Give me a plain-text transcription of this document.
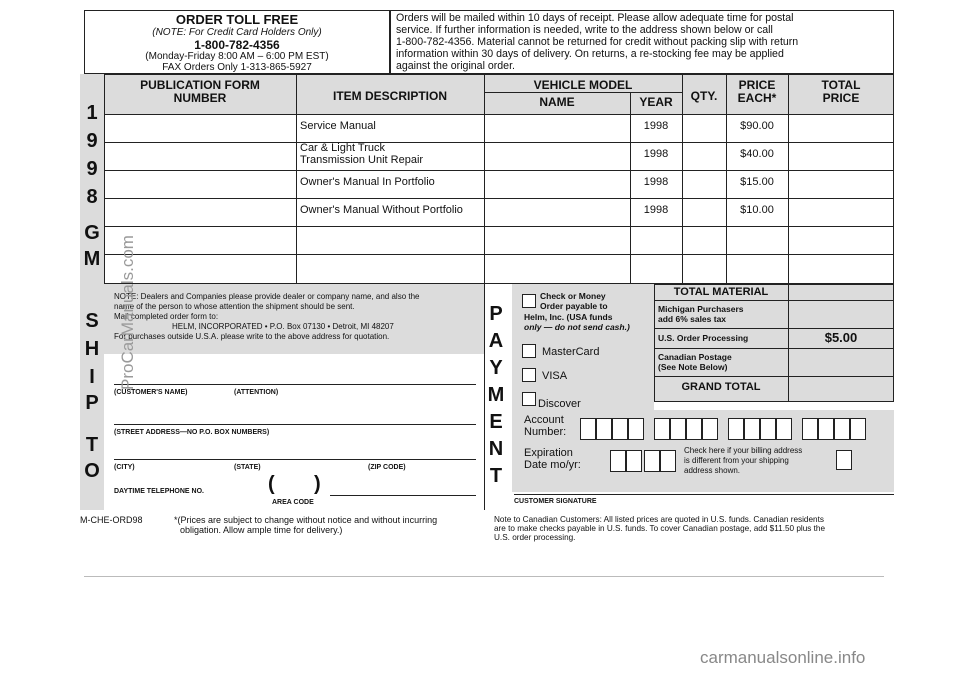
ORDER TOLL FREE
(NOTE: For Credit Card Holders Only)
1-800-782-4356
(Monday-Friday 8:00 AM – 6:00 PM EST)
FAX Orders Only 1-313-865-5927
Orders will be mailed within 10 days of receipt. Please allow adequate time for postal
service. If further information is needed, write to the address shown below or call
1-800-782-4356. Material cannot be returned for credit without packing slip with return
information within 30 days of delivery. On returns, a re-stocking fee may be applied
against the original order.
1
9
9
8
G
M
S
H
I
P
T
O
PUBLICATION FORM
NUMBER	ITEM DESCRIPTION
VEHICLE MODEL
NAME	YEAR	QTY.
PRICE
EACH*
TOTAL
PRICE
Service Manual	1998	$90.00
Car & Light Truck
Transmission Unit Repair	1998	$40.00
Owner's Manual In Portfolio	1998	$15.00
Owner's Manual Without Portfolio	1998	$10.00
NOTE: Dealers and Companies please provide dealer or company name, and also the
name of the person to whose attention the shipment should be sent.
Mail completed order form to:
HELM, INCORPORATED • P.O. Box 07130 • Detroit, MI 48207
For purchases outside U.S.A. please write to the above address for quotation.
(CUSTOMER'S NAME)	(ATTENTION)
(STREET ADDRESS—NO P.O. BOX NUMBERS)
(CITY)	(STATE)	(ZIP CODE)
DAYTIME TELEPHONE NO.	( )
AREA CODE
P
A
Y
M
E
N
T
Check or Money
Order payable to
Helm, Inc. (USA funds
only — do not send cash.)
MasterCard
VISA
Discover
TOTAL MATERIAL
Michigan Purchasers
add 6% sales tax
U.S. Order Processing	$5.00
Canadian Postage
(See Note Below)
GRAND TOTAL
Account
Number:
Expiration
Date mo/yr:
Check here if your billing address
is different from your shipping
address shown.
CUSTOMER SIGNATURE
M-CHE-ORD98	*(Prices are subject to change without notice and without incurring
obligation. Allow ample time for delivery.)
Note to Canadian Customers: All listed prices are quoted in U.S. funds. Canadian residents
are to make checks payable in U.S. funds. To cover Canadian postage, add $11.50 plus the
U.S. order processing.
ProCarManuals.com
carmanualsonline.info
